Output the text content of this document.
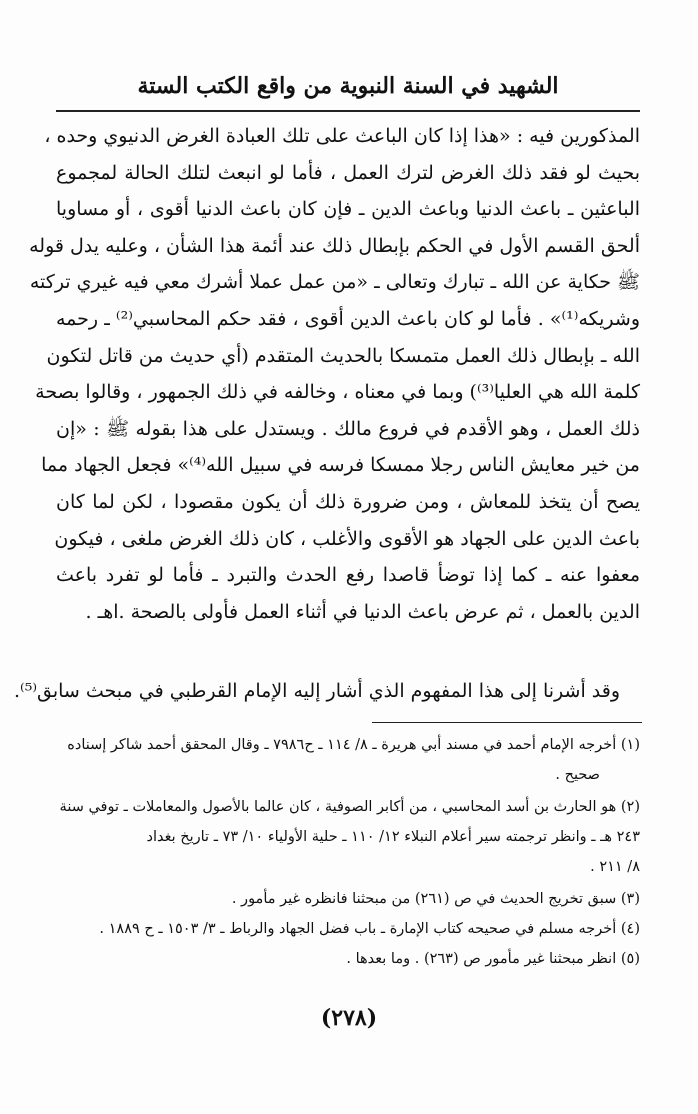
الشهيد في السنة النبوية من واقع الكتب الستة
المذكورين فيه : «هذا إذا كان الباعث على تلك العبادة الغرض الدنيوي وحده ،
بحيث لو فقد ذلك الغرض لترك العمل ، فأما لو انبعث لتلك الحالة لمجموع
الباعثين ـ باعث الدنيا وباعث الدين ـ فإن كان باعث الدنيا أقوى ، أو مساويا
ألحق القسم الأول في الحكم بإبطال ذلك عند أئمة هذا الشأن ، وعليه يدل قوله
ﷺ حكاية عن الله ـ تبارك وتعالى ـ «من عمل عملا أشرك معي فيه غيري تركته
وشريكه⁽¹⁾» . فأما لو كان باعث الدين أقوى ، فقد حكم المحاسبي⁽²⁾ ـ رحمه
الله ـ بإبطال ذلك العمل متمسكا بالحديث المتقدم (أي حديث من قاتل لتكون
كلمة الله هي العليا⁽³⁾) وبما في معناه ، وخالفه في ذلك الجمهور ، وقالوا بصحة
ذلك العمل ، وهو الأقدم في فروع مالك . ويستدل على هذا بقوله ﷺ : «إن
من خير معايش الناس رجلا ممسكا فرسه في سبيل الله⁽⁴⁾» فجعل الجهاد مما
يصح أن يتخذ للمعاش ، ومن ضرورة ذلك أن يكون مقصودا ، لكن لما كان
باعث الدين على الجهاد هو الأقوى والأغلب ، كان ذلك الغرض ملغى ، فيكون
معفوا عنه ـ كما إذا توضأ قاصدا رفع الحدث والتبرد ـ فأما لو تفرد باعث
الدين بالعمل ، ثم عرض باعث الدنيا في أثناء العمل فأولى بالصحة .اهـ .
وقد أشرنا إلى هذا المفهوم الذي أشار إليه الإمام القرطبي في مبحث سابق⁽⁵⁾.
(١) أخرجه الإمام أحمد في مسند أبي هريرة ـ ٨/ ١١٤ ـ ح٧٩٨٦ ـ وقال المحقق أحمد شاكر إسناده
صحيح .
(٢) هو الحارث بن أسد المحاسبي ، من أكابر الصوفية ، كان عالما بالأصول والمعاملات ـ توفي سنة
٢٤٣ هـ ـ وانظر ترجمته سير أعلام النبلاء ١٢/ ١١٠ ـ حلية الأولياء ١٠/ ٧٣ ـ تاريخ بغداد
٨/ ٢١١ .
(٣) سبق تخريج الحديث في ص (٢٦١) من مبحثنا فانظره غير مأمور .
(٤) أخرجه مسلم في صحيحه كتاب الإمارة ـ باب فضل الجهاد والرباط ـ ٣/ ١٥٠٣ ـ ح ١٨٨٩ .
(٥) انظر مبحثنا غير مأمور ص (٢٦٣) . وما بعدها .
(٢٧٨)
